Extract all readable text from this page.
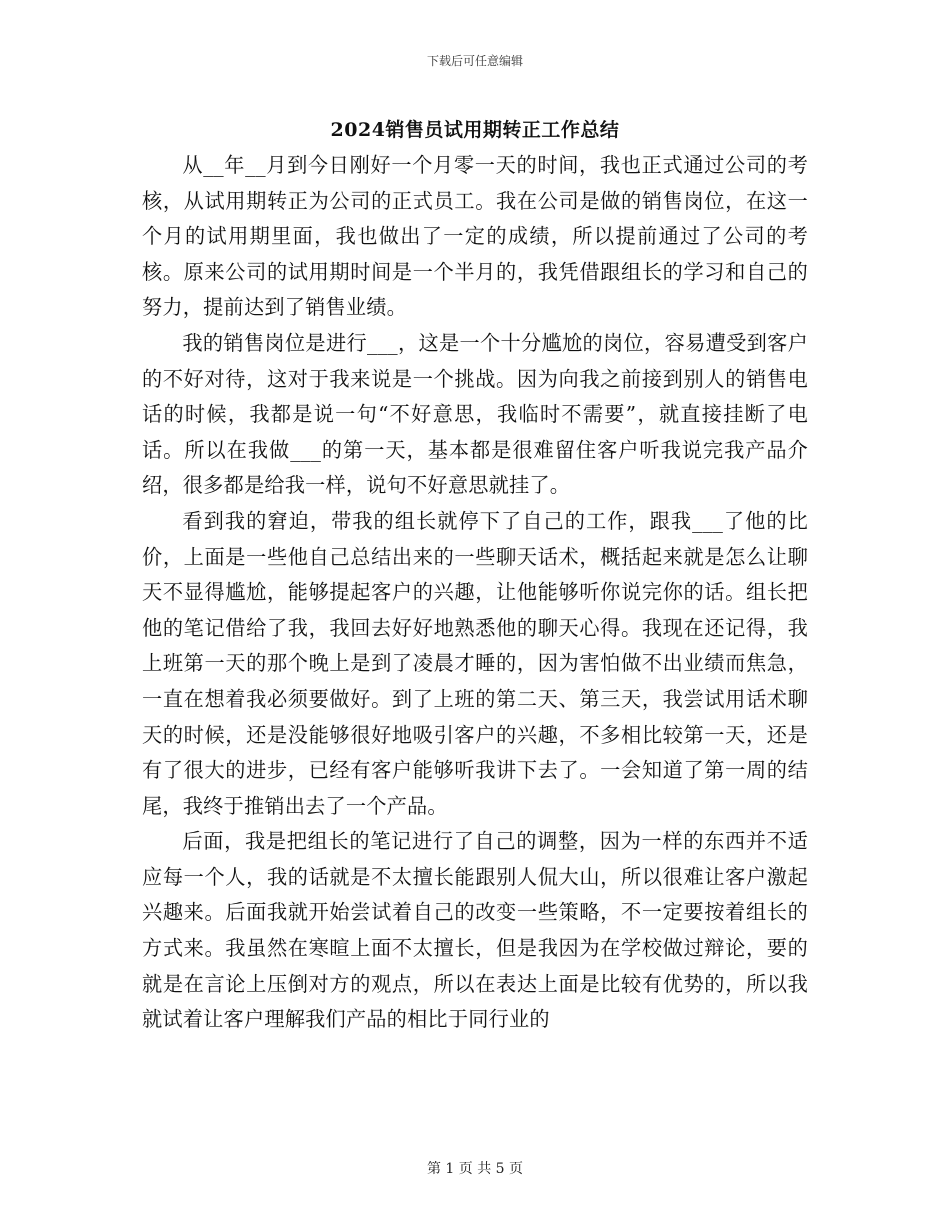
下载后可任意编辑
2024销售员试用期转正工作总结

从__年__月到今日刚好一个月零一天的时间，我也正式通过公司的考核，从试用期转正为公司的正式员工。我在公司是做的销售岗位，在这一个月的试用期里面，我也做出了一定的成绩，所以提前通过了公司的考核。原来公司的试用期时间是一个半月的，我凭借跟组长的学习和自己的努力，提前达到了销售业绩。

我的销售岗位是进行___，这是一个十分尴尬的岗位，容易遭受到客户的不好对待，这对于我来说是一个挑战。因为向我之前接到别人的销售电话的时候，我都是说一句“不好意思，我临时不需要”，就直接挂断了电话。所以在我做___的第一天，基本都是很难留住客户听我说完我产品介绍，很多都是给我一样，说句不好意思就挂了。

看到我的窘迫，带我的组长就停下了自己的工作，跟我___了他的比价，上面是一些他自己总结出来的一些聊天话术，概括起来就是怎么让聊天不显得尴尬，能够提起客户的兴趣，让他能够听你说完你的话。组长把他的笔记借给了我，我回去好好地熟悉他的聊天心得。我现在还记得，我上班第一天的那个晚上是到了凌晨才睡的，因为害怕做不出业绩而焦急，一直在想着我必须要做好。到了上班的第二天、第三天，我尝试用话术聊天的时候，还是没能够很好地吸引客户的兴趣，不多相比较第一天，还是有了很大的进步，已经有客户能够听我讲下去了。一会知道了第一周的结尾，我终于推销出去了一个产品。

后面，我是把组长的笔记进行了自己的调整，因为一样的东西并不适应每一个人，我的话就是不太擅长能跟别人侃大山，所以很难让客户激起兴趣来。后面我就开始尝试着自己的改变一些策略，不一定要按着组长的方式来。我虽然在寒暄上面不太擅长，但是我因为在学校做过辩论，要的就是在言论上压倒对方的观点，所以在表达上面是比较有优势的，所以我就试着让客户理解我们产品的相比于同行业的

第 1 页 共 5 页
